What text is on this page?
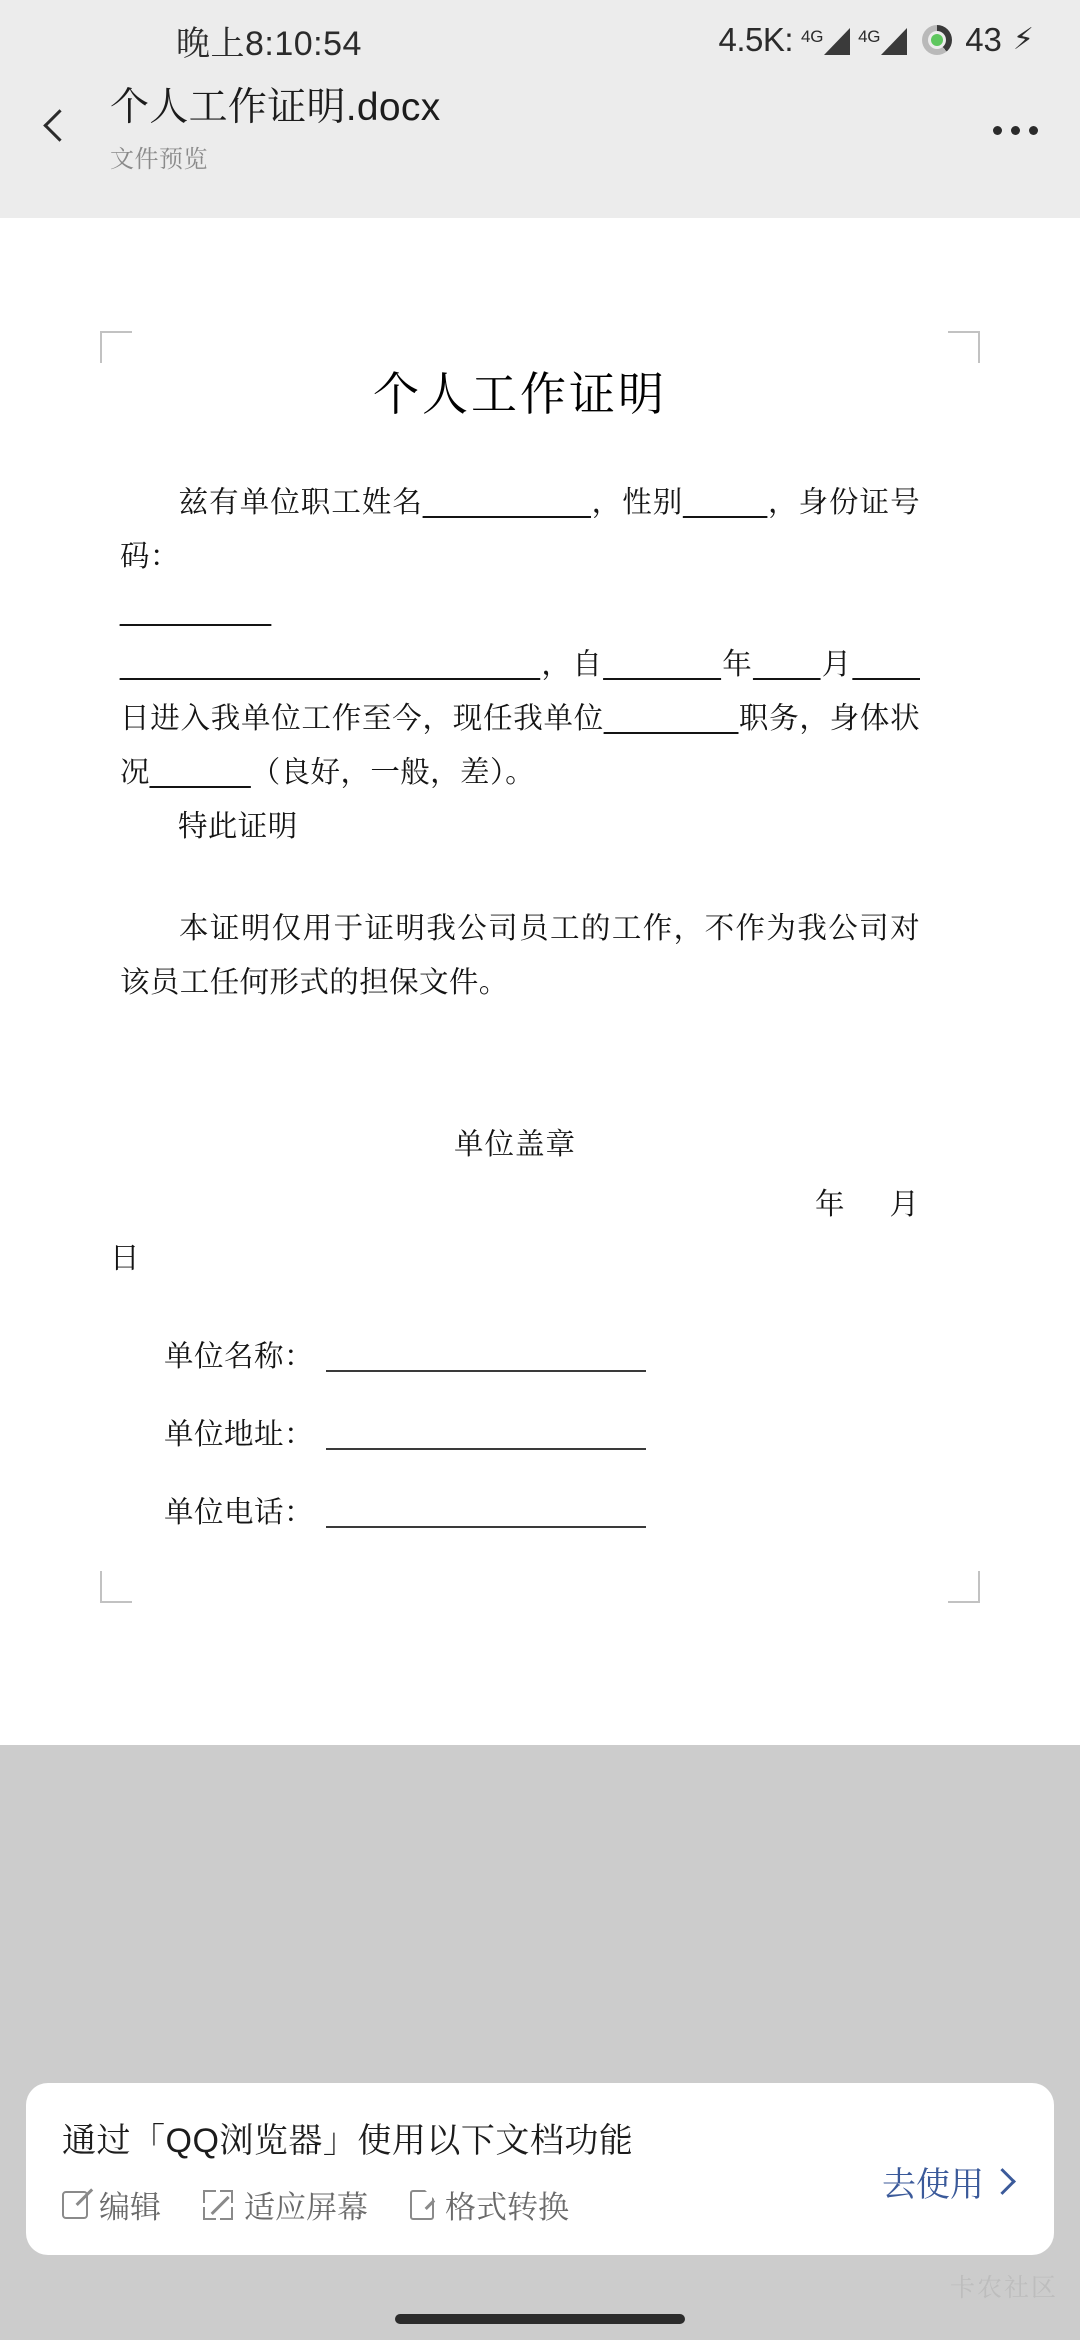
晚上8:10:54	4.5K: 4G 4G	43 ⚡
个人工作证明.docx
文件预览
个人工作证明
兹有单位职工姓名__________，性别_____，身份证号码：
_________
_________________________，自_______年____月____日进入我单位工作至今，现任我单位________职务，身体状况______（良好，一般，差）。
特此证明
本证明仅用于证明我公司员工的工作，不作为我公司对该员工任何形式的担保文件。
单位盖章
年 月
日
单位名称：
单位地址：
单位电话：
通过「QQ浏览器」使用以下文档功能
编辑	适应屏幕 格式转换
去使用
卡农社区
